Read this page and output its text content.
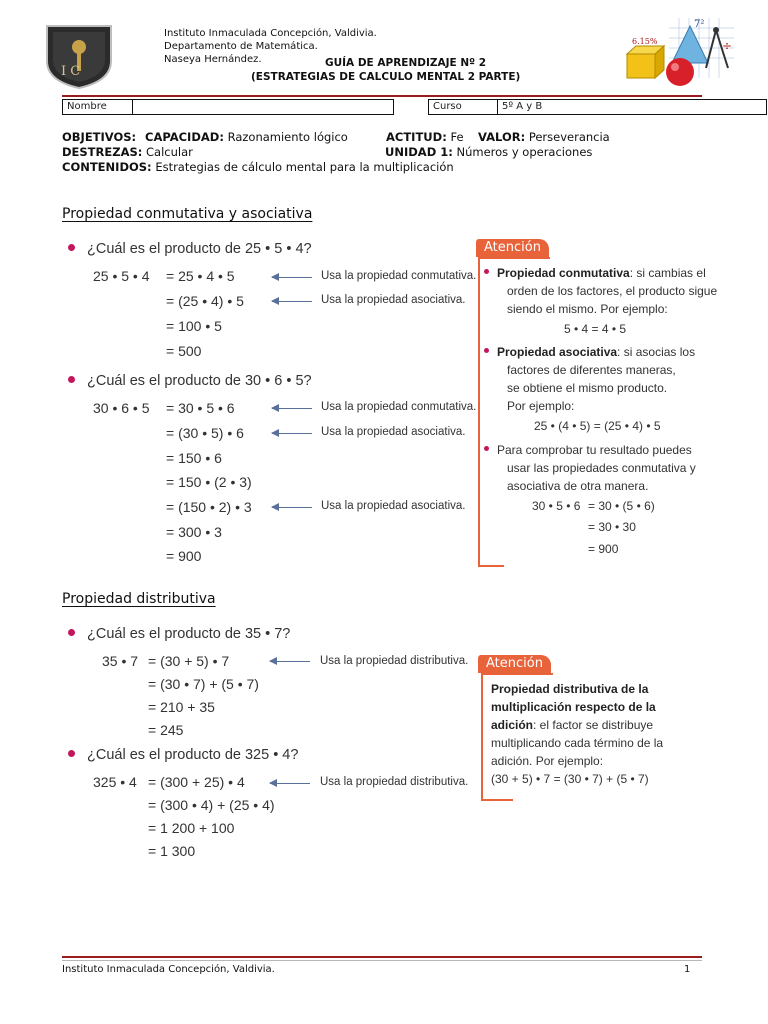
I C
Instituto Inmaculada Concepción, Valdivia.
Departamento de Matemática.
Naseya Hernández.	GUÍA DE APRENDIZAJE Nº 2
(ESTRATEGIAS DE CALCULO MENTAL 2 PARTE)
6.15%
7²
÷
Nombre	Curso	5º A y B
OBJETIVOS: CAPACIDAD: Razonamiento lógico	ACTITUD: Fe VALOR: Perseverancia
DESTREZAS: Calcular	UNIDAD 1: Números y operaciones
CONTENIDOS: Estrategias de cálculo mental para la multiplicación
Propiedad conmutativa y asociativa
¿Cuál es el producto de 25 • 5 • 4?
25 • 5 • 4 = 25 • 4 • 5
= (25 • 4) • 5
= 100 • 5
= 500
Usa la propiedad conmutativa.
Usa la propiedad asociativa.
¿Cuál es el producto de 30 • 6 • 5?
30 • 6 • 5 = 30 • 5 • 6
= (30 • 5) • 6
= 150 • 6
= 150 • (2 • 3)
= (150 • 2) • 3
= 300 • 3
= 900
Usa la propiedad conmutativa.
Usa la propiedad asociativa.
Usa la propiedad asociativa.
Atención
Propiedad conmutativa: si cambias el
orden de los factores, el producto sigue
siendo el mismo. Por ejemplo:
5 • 4 = 4 • 5
Propiedad asociativa: si asocias los
factores de diferentes maneras,
se obtiene el mismo producto.
Por ejemplo:
25 • (4 • 5) = (25 • 4) • 5
Para comprobar tu resultado puedes
usar las propiedades conmutativa y
asociativa de otra manera.
30 • 5 • 6 = 30 • (5 • 6)
= 30 • 30
= 900
Propiedad distributiva
¿Cuál es el producto de 35 • 7?
35 • 7 = (30 + 5) • 7
= (30 • 7) + (5 • 7)
= 210 + 35
= 245
Usa la propiedad distributiva.
¿Cuál es el producto de 325 • 4?
325 • 4 = (300 + 25) • 4
= (300 • 4) + (25 • 4)
= 1 200 + 100
= 1 300
Usa la propiedad distributiva.
Atención
Propiedad distributiva de la
multiplicación respecto de la
adición: el factor se distribuye
multiplicando cada término de la
adición. Por ejemplo:
(30 + 5) • 7 = (30 • 7) + (5 • 7)
Instituto Inmaculada Concepción, Valdivia.	1
